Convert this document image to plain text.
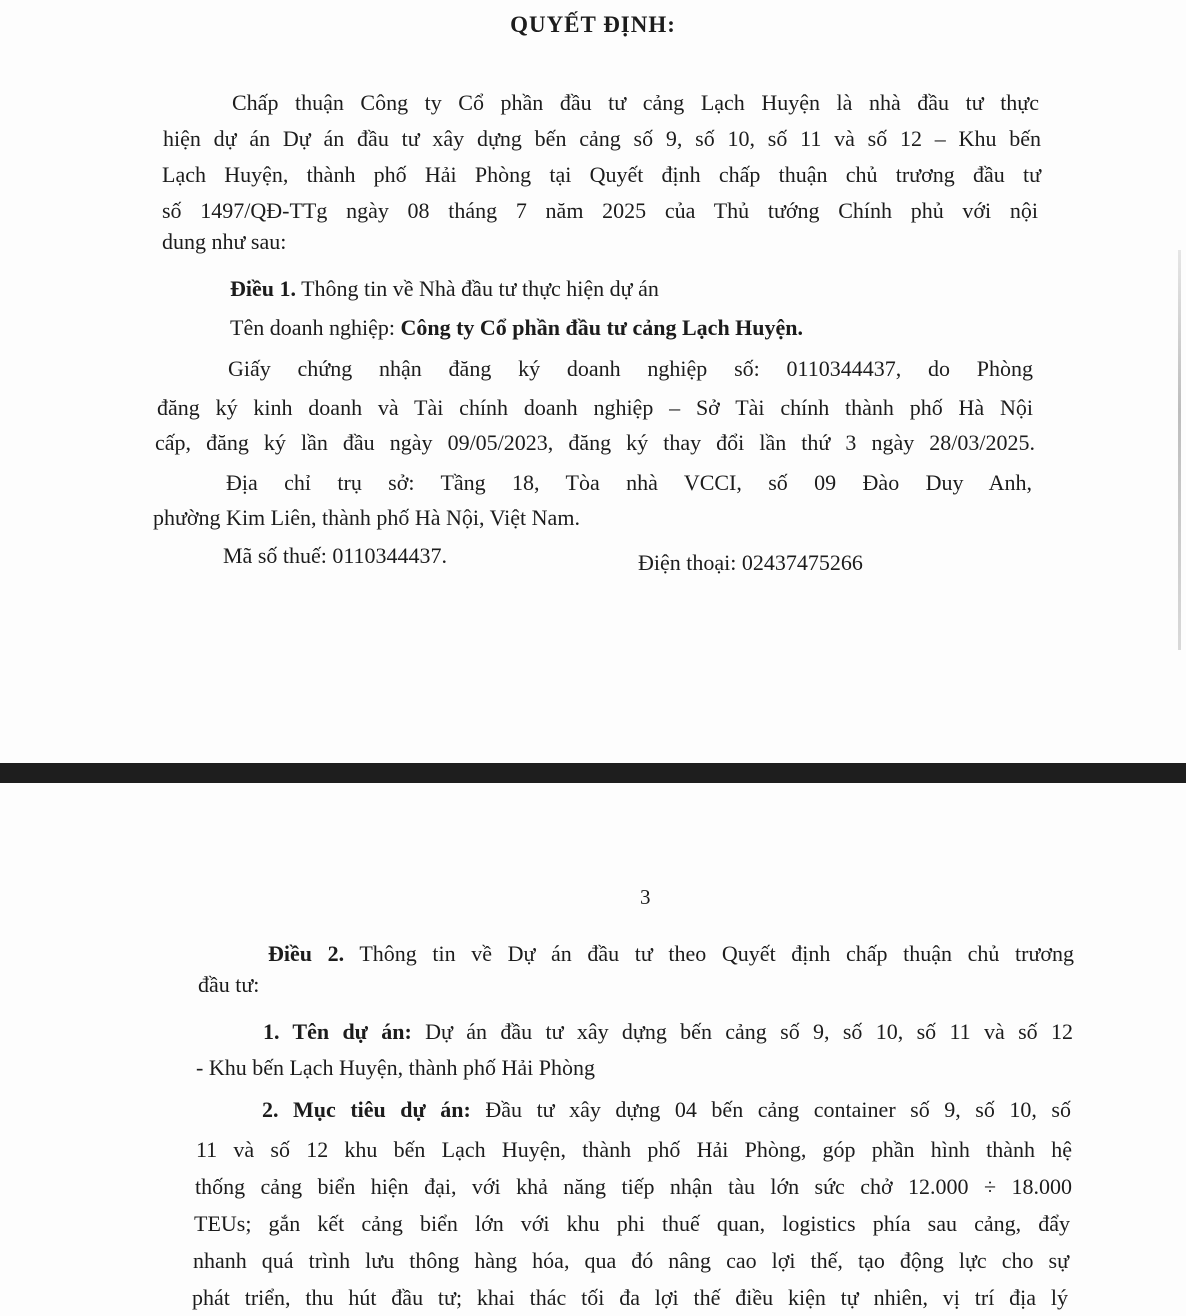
QUYẾT ĐỊNH:
Chấp thuận Công ty Cổ phần đầu tư cảng Lạch Huyện là nhà đầu tư thực
hiện dự án Dự án đầu tư xây dựng bến cảng số 9, số 10, số 11 và số 12 – Khu bến
Lạch Huyện, thành phố Hải Phòng tại Quyết định chấp thuận chủ trương đầu tư
số 1497/QĐ-TTg ngày 08 tháng 7 năm 2025 của Thủ tướng Chính phủ với nội
dung như sau:
Điều 1. Thông tin về Nhà đầu tư thực hiện dự án
Tên doanh nghiệp: Công ty Cổ phần đầu tư cảng Lạch Huyện.
Giấy chứng nhận đăng ký doanh nghiệp số: 0110344437, do Phòng
đăng ký kinh doanh và Tài chính doanh nghiệp – Sở Tài chính thành phố Hà Nội
cấp, đăng ký lần đầu ngày 09/05/2023, đăng ký thay đổi lần thứ 3 ngày 28/03/2025.
Địa chỉ trụ sở: Tầng 18, Tòa nhà VCCI, số 09 Đào Duy Anh,
phường Kim Liên, thành phố Hà Nội, Việt Nam.
Mã số thuế: 0110344437.	Điện thoại: 02437475266
3
Điều 2. Thông tin về Dự án đầu tư theo Quyết định chấp thuận chủ trương
đầu tư:
1. Tên dự án: Dự án đầu tư xây dựng bến cảng số 9, số 10, số 11 và số 12
- Khu bến Lạch Huyện, thành phố Hải Phòng
2. Mục tiêu dự án: Đầu tư xây dựng 04 bến cảng container số 9, số 10, số
11 và số 12 khu bến Lạch Huyện, thành phố Hải Phòng, góp phần hình thành hệ
thống cảng biển hiện đại, với khả năng tiếp nhận tàu lớn sức chở 12.000 ÷ 18.000
TEUs; gắn kết cảng biển lớn với khu phi thuế quan, logistics phía sau cảng, đẩy
nhanh quá trình lưu thông hàng hóa, qua đó nâng cao lợi thế, tạo động lực cho sự
phát triển, thu hút đầu tư; khai thác tối đa lợi thế điều kiện tự nhiên, vị trí địa lý
